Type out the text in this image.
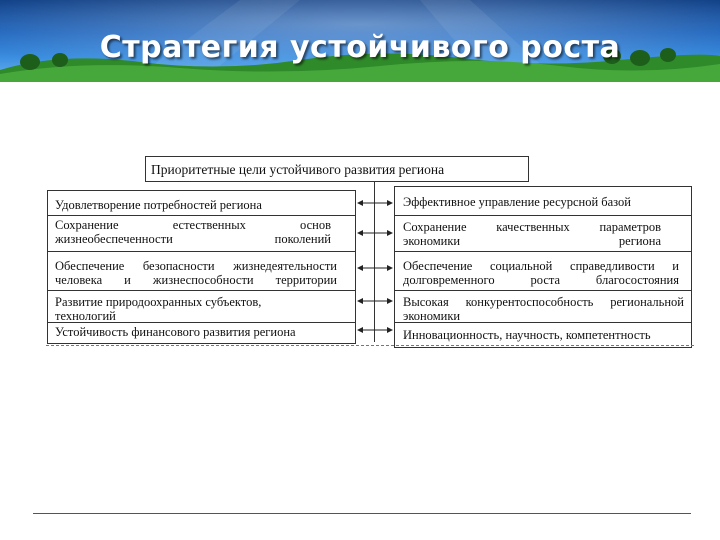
Стратегия устойчивого роста
Приоритетные цели устойчивого развития региона
Удовлетворение потребностей региона
Сохранение естественных основ жизнеобеспеченности поколений
Обеспечение безопасности жизнедеятельности человека и жизнеспособности территории
Развитие природоохранных субъектов, технологий
Устойчивость финансового развития региона
Эффективное управление ресурсной базой
Сохранение качественных параметров экономики региона
Обеспечение социальной справедливости и долговременного роста благосостояния
Высокая конкурентоспособность региональной экономики
Инновационность, научность, компетентность
